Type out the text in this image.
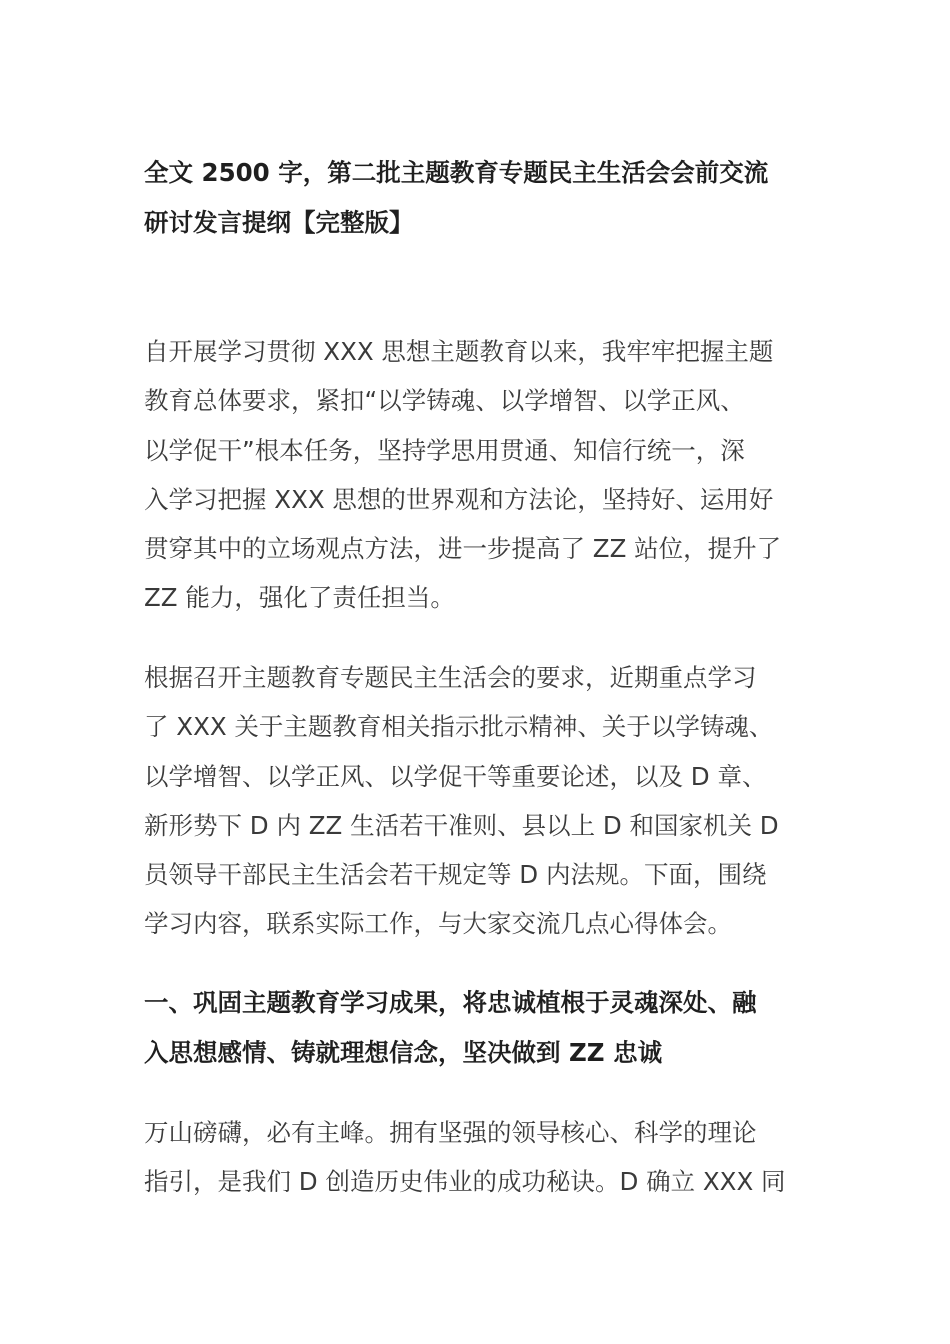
全文 2500 字，第二批主题教育专题民主生活会会前交流
研讨发言提纲【完整版】

自开展学习贯彻 XXX 思想主题教育以来，我牢牢把握主题
教育总体要求，紧扣“以学铸魂、以学增智、以学正风、
以学促干”根本任务，坚持学思用贯通、知信行统一，深
入学习把握 XXX 思想的世界观和方法论，坚持好、运用好
贯穿其中的立场观点方法，进一步提高了 ZZ 站位，提升了
ZZ 能力，强化了责任担当。

根据召开主题教育专题民主生活会的要求，近期重点学习
了 XXX 关于主题教育相关指示批示精神、关于以学铸魂、
以学增智、以学正风、以学促干等重要论述，以及 D 章、
新形势下 D 内 ZZ 生活若干准则、县以上 D 和国家机关 D
员领导干部民主生活会若干规定等 D 内法规。下面，围绕
学习内容，联系实际工作，与大家交流几点心得体会。

一、巩固主题教育学习成果，将忠诚植根于灵魂深处、融
入思想感情、铸就理想信念，坚决做到 ZZ 忠诚

万山磅礴，必有主峰。拥有坚强的领导核心、科学的理论
指引，是我们 D 创造历史伟业的成功秘诀。D 确立 XXX 同
